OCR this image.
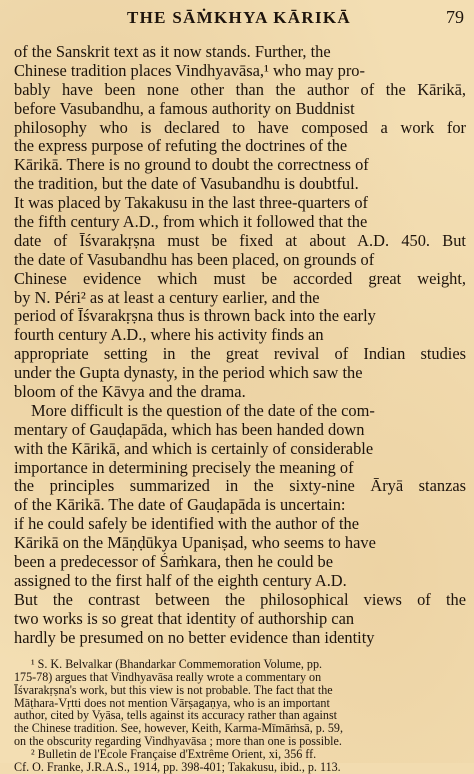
THE SĀṀKHYA KĀRIKĀ	79
of the Sanskrit text as it now stands. Further, the
Chinese tradition places Vindhyavāsa,¹ who may pro-
bably have been none other than the author of the Kārikā,
before Vasubandhu, a famous authority on Buddnist
philosophy who is declared to have composed a work for
the express purpose of refuting the doctrines of the
Kārikā. There is no ground to doubt the correctness of
the tradition, but the date of Vasubandhu is doubtful.
It was placed by Takakusu in the last three-quarters of
the fifth century A.D., from which it followed that the
date of Īśvarakṛṣna must be fixed at about A.D. 450. But
the date of Vasubandhu has been placed, on grounds of
Chinese evidence which must be accorded great weight,
by N. Péri² as at least a century earlier, and the
period of Īśvarakṛṣna thus is thrown back into the early
fourth century A.D., where his activity finds an
appropriate setting in the great revival of Indian studies
under the Gupta dynasty, in the period which saw the
bloom of the Kāvya and the drama.
More difficult is the question of the date of the com-
mentary of Gauḍapāda, which has been handed down
with the Kārikā, and which is certainly of considerable
importance in determining precisely the meaning of
the principles summarized in the sixty-nine Āryā stanzas
of the Kārikā. The date of Gauḍapāda is uncertain:
if he could safely be identified with the author of the
Kārikā on the Māṇḍūkya Upaniṣad, who seems to have
been a predecessor of Śaṁkara, then he could be
assigned to the first half of the eighth century A.D.
But the contrast between the philosophical views of the
two works is so great that identity of authorship can
hardly be presumed on no better evidence than identity
¹ S. K. Belvalkar (Bhandarkar Commemoration Volume, pp.
175-78) argues that Vindhyavāsa really wrote a commentary on
Īśvarakṛṣna's work, but this view is not probable. The fact that the
Māṭhara-Vṛtti does not mention Vārṣagaṇya, who is an important
author, cited by Vyāsa, tells against its accuracy rather than against
the Chinese tradition. See, however, Keith, Karma-Mīmāṁsā, p. 59,
on the obscurity regarding Vindhyavāsa ; more than one is possible.
² Bulletin de l'Ecole Française d'Extrême Orient, xi, 356 ff.
Cf. O. Franke, J.R.A.S., 1914, pp. 398-401; Takakusu, ibid., p. 113.
